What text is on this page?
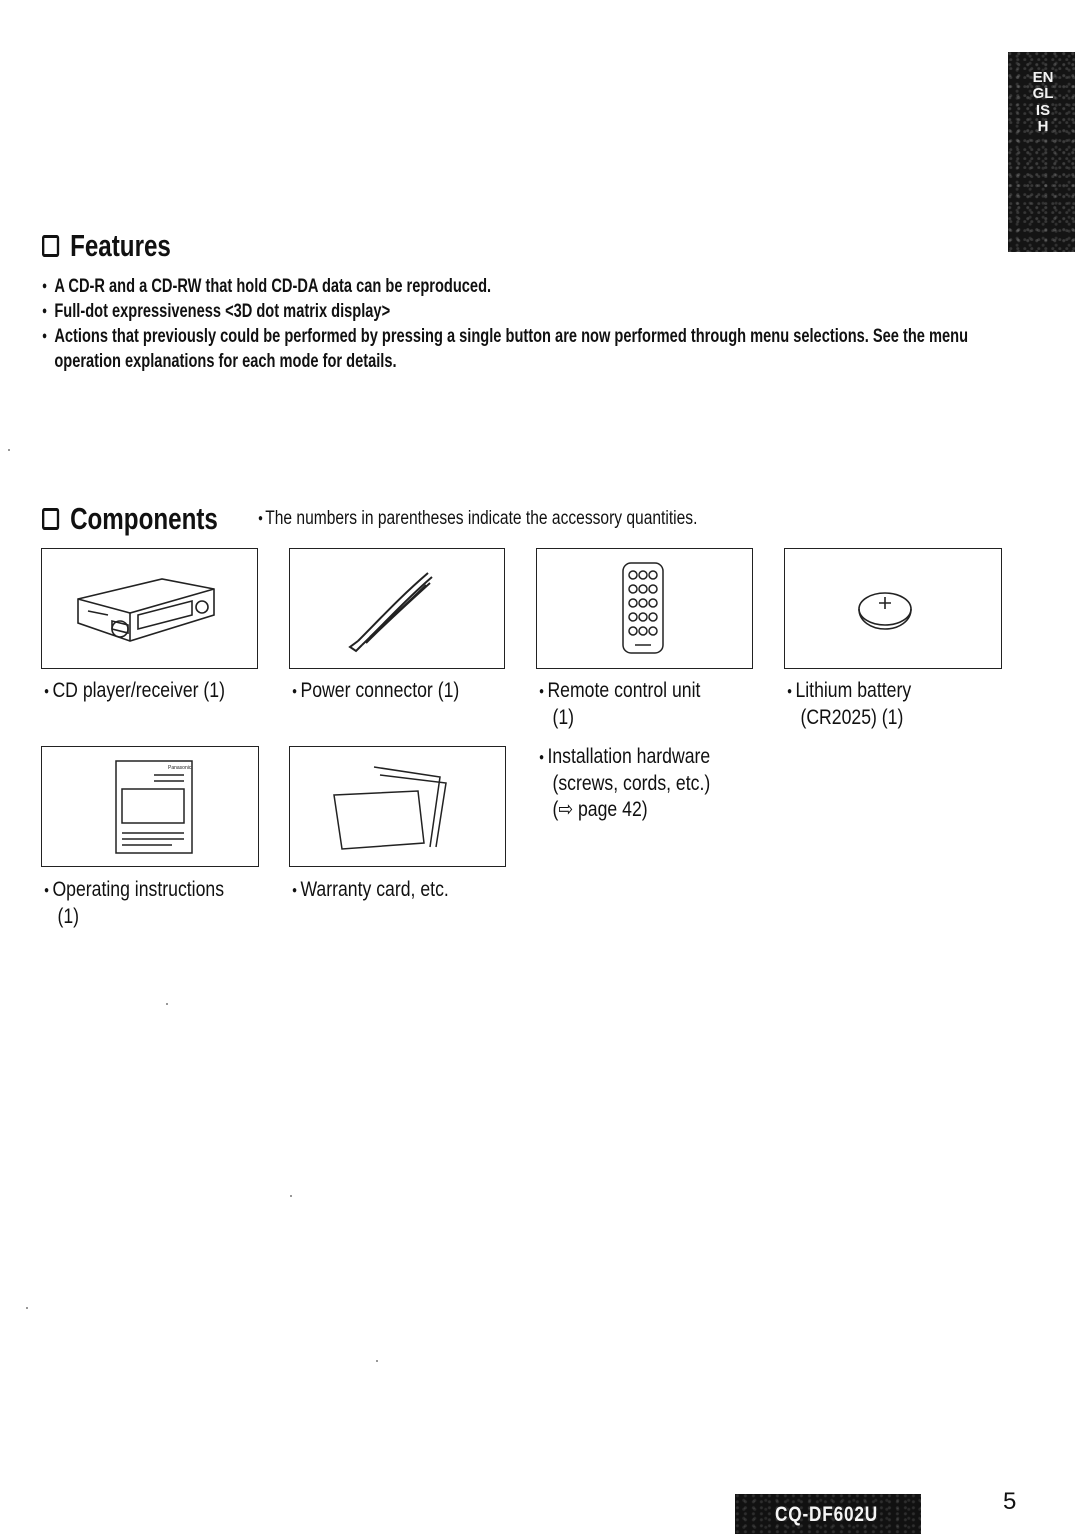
ENGLISH
Features
● A CD-R and a CD-RW that hold CD-DA data can be reproduced.
● Full-dot expressiveness <3D dot matrix display>
● Actions that previously could be performed by pressing a single button are now performed through menu selections. See the menu operation explanations for each mode for details.
Components
●	The numbers in parentheses indicate the accessory quantities.
● CD player/receiver (1)	● Power connector (1)	● Remote control unit
(1)
● Lithium battery
(CR2025) (1)
Panasonic
● Installation hardware
(screws, cords, etc.)
(⇨ page 42)
● Operating instructions
(1)
● Warranty card, etc.
CQ-DF602U	5
